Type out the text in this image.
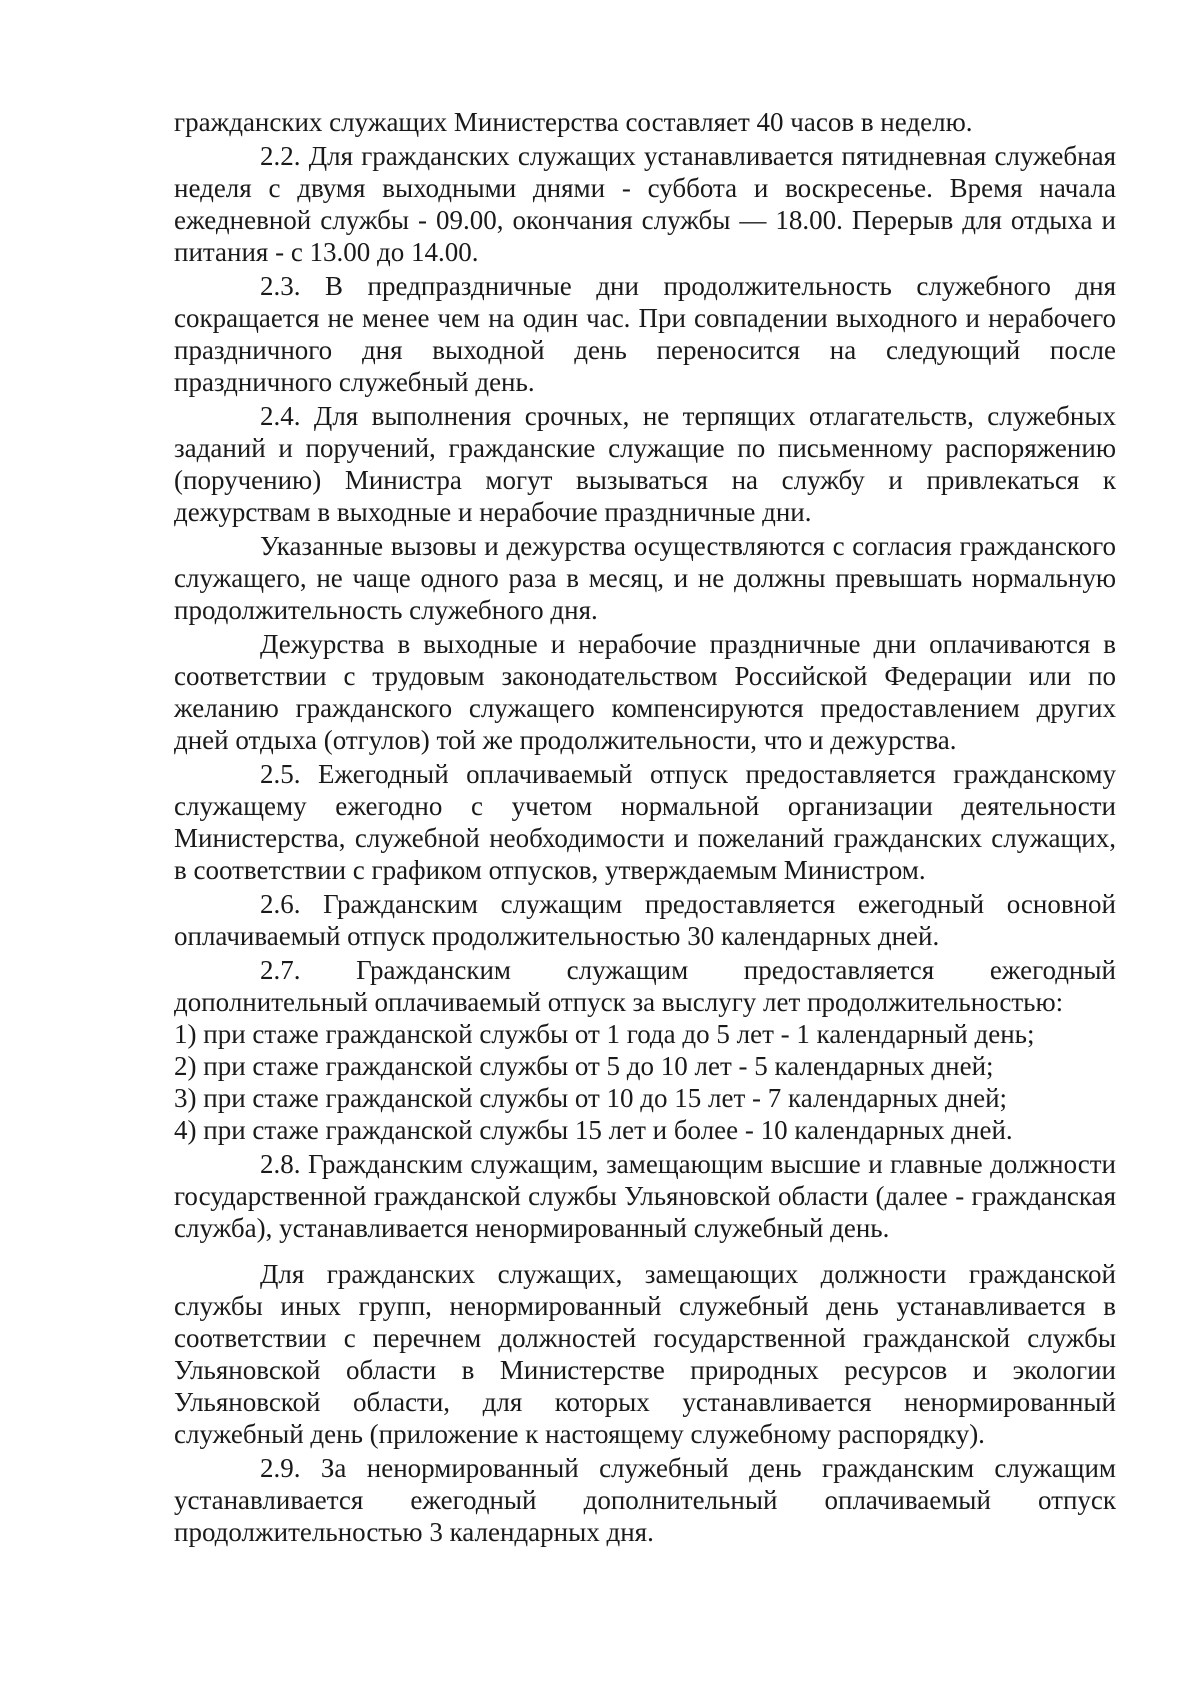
гражданских служащих Министерства составляет 40 часов в неделю.

2.2. Для гражданских служащих устанавливается пятидневная служебная неделя с двумя выходными днями - суббота и воскресенье. Время начала ежедневной службы - 09.00, окончания службы — 18.00. Перерыв для отдыха и питания - с 13.00 до 14.00.

2.3. В предпраздничные дни продолжительность служебного дня сокращается не менее чем на один час. При совпадении выходного и нерабочего праздничного дня выходной день переносится на следующий после праздничного служебный день.

2.4. Для выполнения срочных, не терпящих отлагательств, служебных заданий и поручений, гражданские служащие по письменному распоряжению (поручению) Министра могут вызываться на службу и привлекаться к дежурствам в выходные и нерабочие праздничные дни.

Указанные вызовы и дежурства осуществляются с согласия гражданского служащего, не чаще одного раза в месяц, и не должны превышать нормальную продолжительность служебного дня.

Дежурства в выходные и нерабочие праздничные дни оплачиваются в соответствии с трудовым законодательством Российской Федерации или по желанию гражданского служащего компенсируются предоставлением других дней отдыха (отгулов) той же продолжительности, что и дежурства.

2.5. Ежегодный оплачиваемый отпуск предоставляется гражданскому служащему ежегодно с учетом нормальной организации деятельности Министерства, служебной необходимости и пожеланий гражданских служащих, в соответствии с графиком отпусков, утверждаемым Министром.

2.6. Гражданским служащим предоставляется ежегодный основной оплачиваемый отпуск продолжительностью 30 календарных дней.

2.7. Гражданским служащим предоставляется ежегодный дополнительный оплачиваемый отпуск за выслугу лет продолжительностью:

1) при стаже гражданской службы от 1 года до 5 лет - 1 календарный день;

2) при стаже гражданской службы от 5 до 10 лет - 5 календарных дней;

3) при стаже гражданской службы от 10 до 15 лет - 7 календарных дней;

4) при стаже гражданской службы 15 лет и более - 10 календарных дней.

2.8. Гражданским служащим, замещающим высшие и главные должности государственной гражданской службы Ульяновской области (далее - гражданская служба), устанавливается ненормированный служебный день.

Для гражданских служащих, замещающих должности гражданской службы иных групп, ненормированный служебный день устанавливается в соответствии с перечнем должностей государственной гражданской службы Ульяновской области в Министерстве природных ресурсов и экологии Ульяновской области, для которых устанавливается ненормированный служебный день (приложение к настоящему служебному распорядку).

2.9. За ненормированный служебный день гражданским служащим устанавливается ежегодный дополнительный оплачиваемый отпуск продолжительностью 3 календарных дня.
